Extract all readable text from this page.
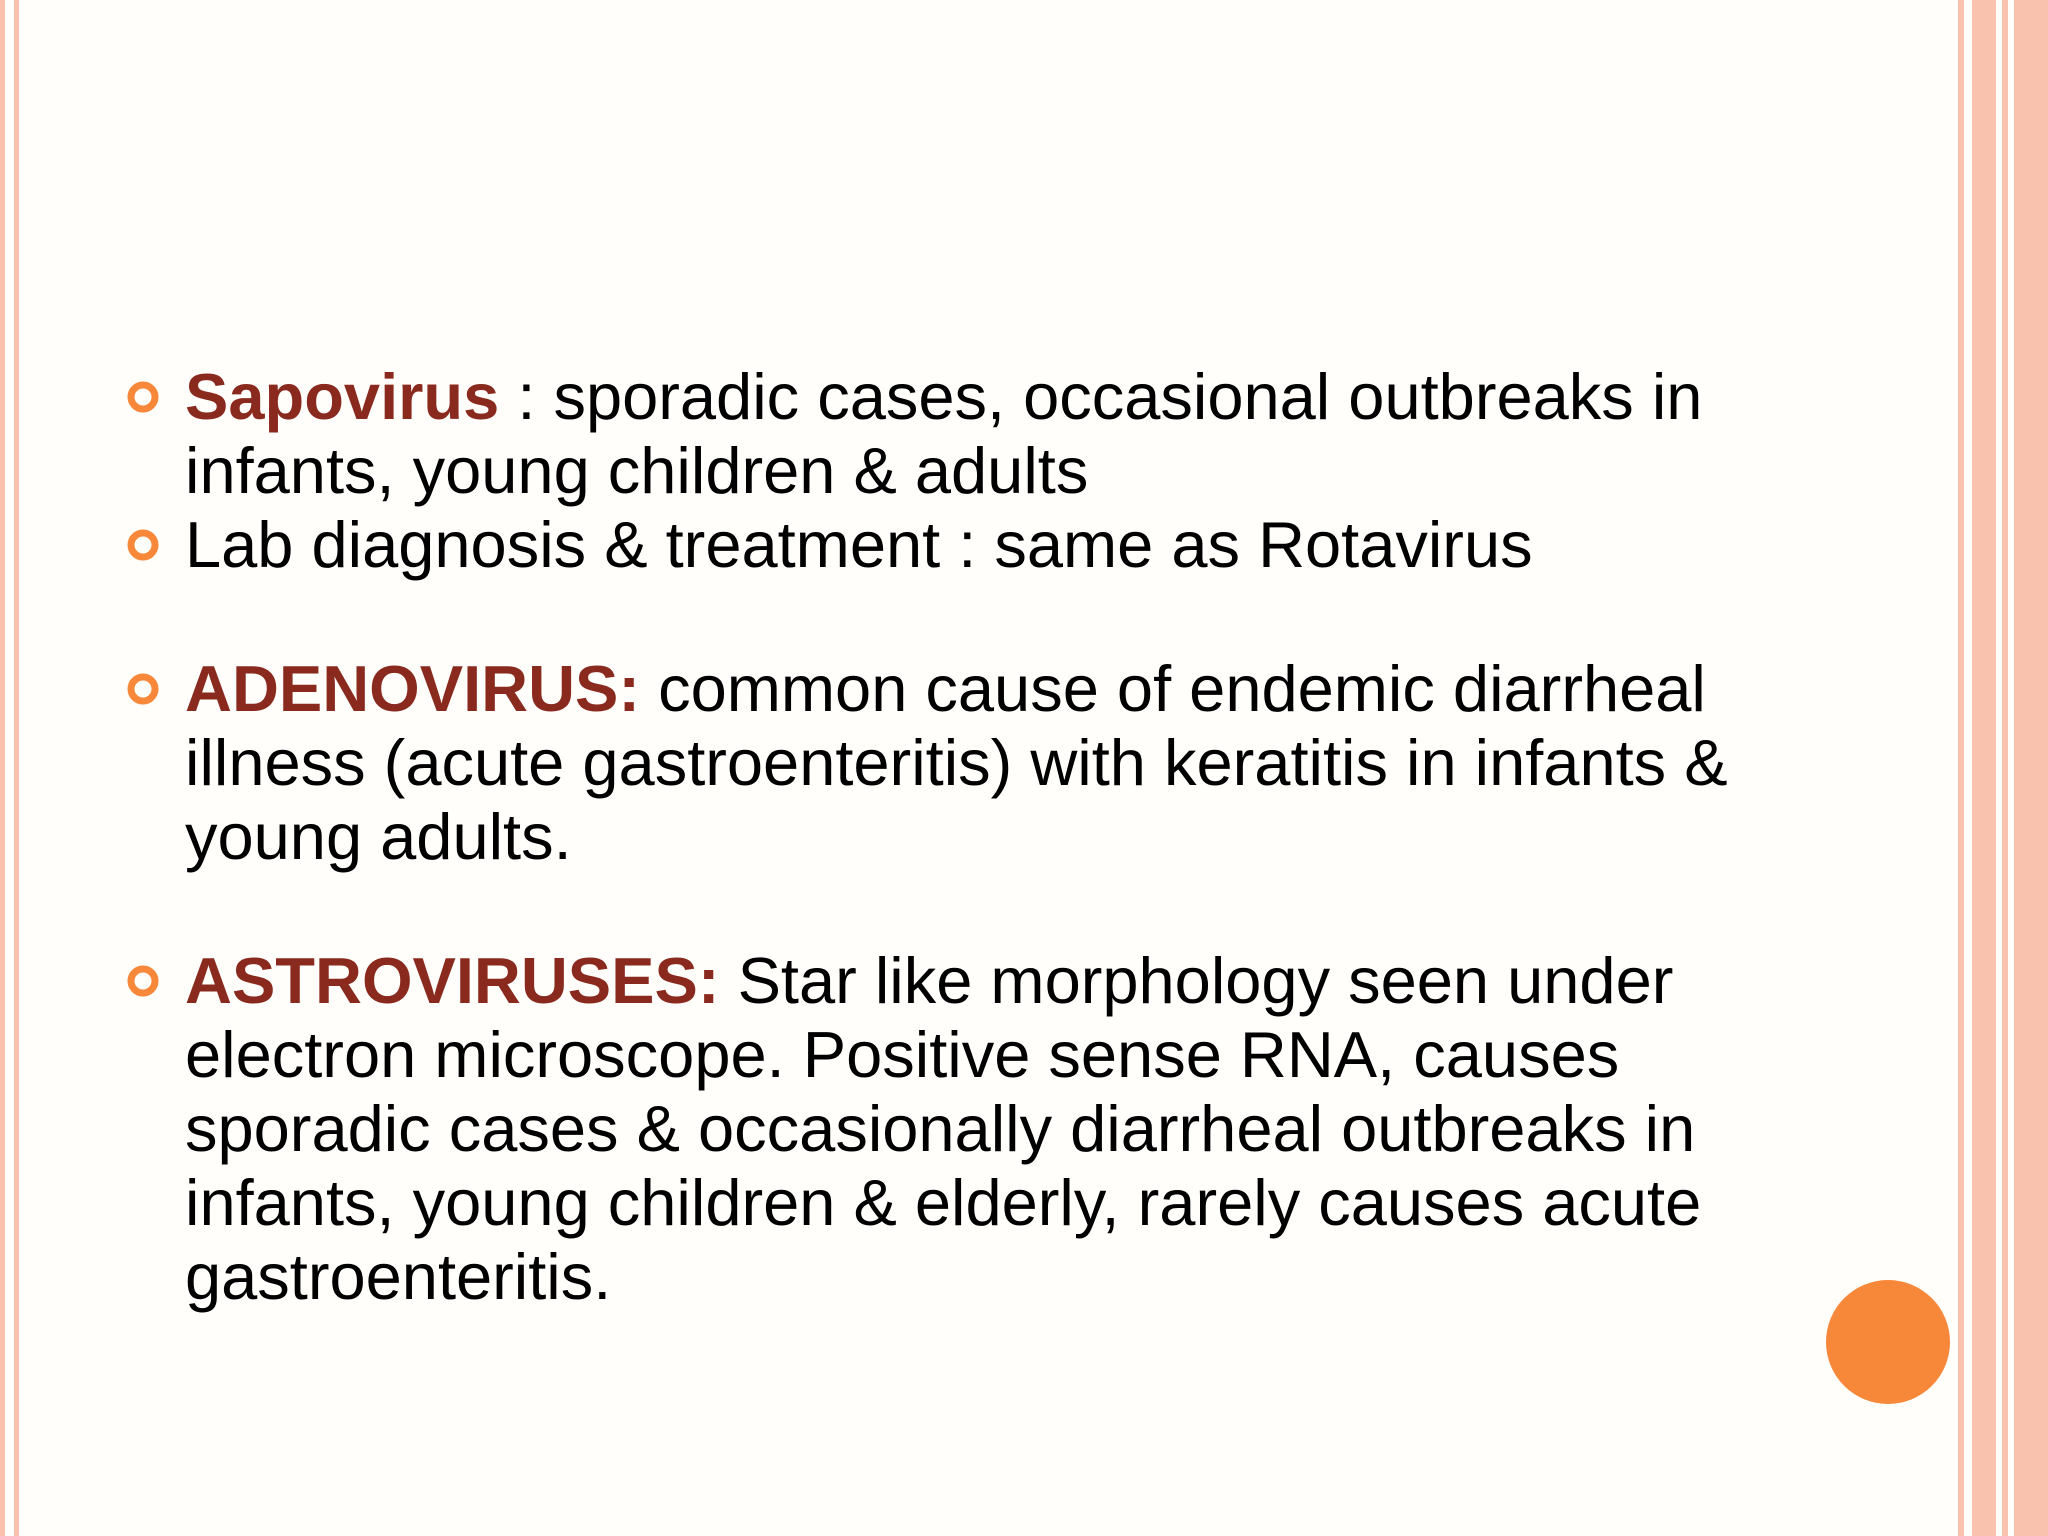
Sapovirus : sporadic cases, occasional outbreaks in infants, young children & adults
Lab diagnosis & treatment : same as Rotavirus
ADENOVIRUS: common cause of endemic diarrheal illness (acute gastroenteritis) with keratitis in infants & young adults.
ASTROVIRUSES: Star like morphology seen under electron microscope. Positive sense RNA, causes sporadic cases & occasionally diarrheal outbreaks in infants, young children & elderly, rarely causes acute gastroenteritis.
